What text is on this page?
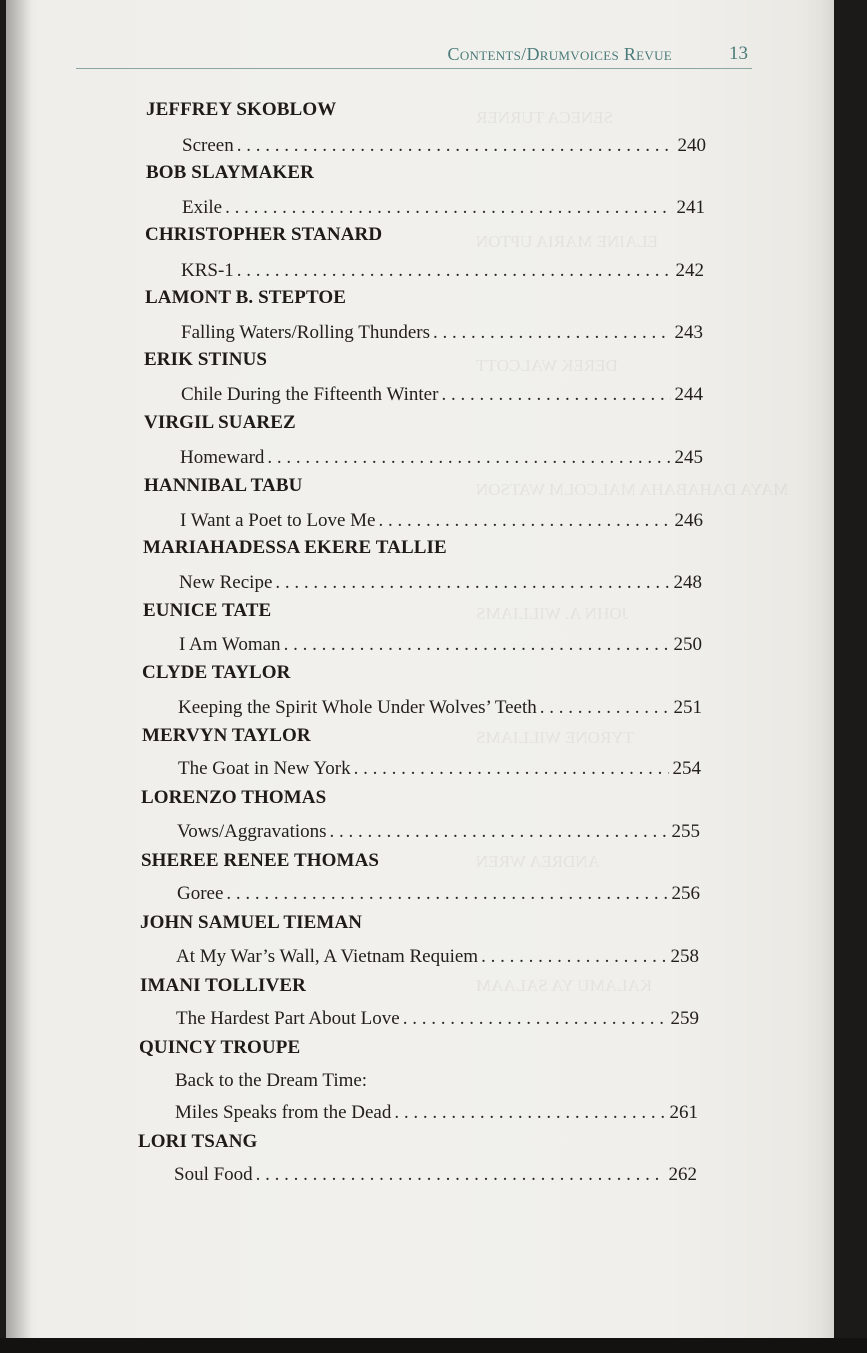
SENECA TURNER
ELAINE MARIA UPTON
DEREK WALCOTT
MAYA DAHABAHA MALCOLM WATSON
JOHN A. WILLIAMS
TYRONE WILLIAMS
ANDREA WREN
KALAMU YA SALAAM
Contents/Drumvoices Revue	13
JEFFREY SKOBLOW
Screen . . .	240
BOB SLAYMAKER
Exile . . .	241
CHRISTOPHER STANARD
KRS-1 . . .	242
LAMONT B. STEPTOE
Falling Waters/Rolling Thunders . . .	243
ERIK STINUS
Chile During the Fifteenth Winter . . .	244
VIRGIL SUAREZ
Homeward . . .	245
HANNIBAL TABU
I Want a Poet to Love Me . . .	246
MARIAHADESSA EKERE TALLIE
New Recipe . . .	248
EUNICE TATE
I Am Woman . . .	250
CLYDE TAYLOR
Keeping the Spirit Whole Under Wolves’ Teeth . . .	251
MERVYN TAYLOR
The Goat in New York . . .	254
LORENZO THOMAS
Vows/Aggravations . . .	255
SHEREE RENEE THOMAS
Goree . . .	256
JOHN SAMUEL TIEMAN
At My War’s Wall, A Vietnam Requiem . . .	258
IMANI TOLLIVER
The Hardest Part About Love . . .	259
QUINCY TROUPE
Back to the Dream Time:
Miles Speaks from the Dead . . .	261
LORI TSANG
Soul Food . . .	262
